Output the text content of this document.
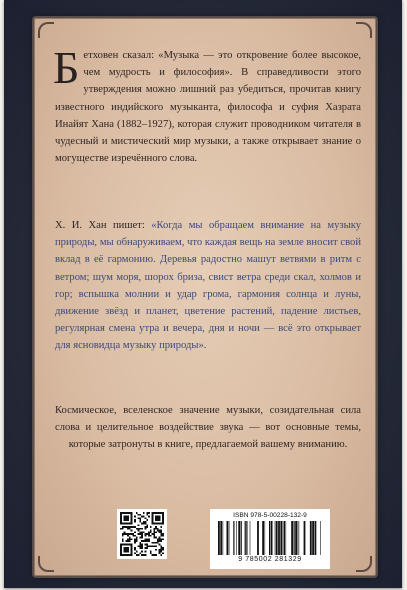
Бетховен сказал: «Музыка — это откровение более высокое, чем мудрость и философия». В справедливости этого утверждения можно лишний раз убедиться, прочитав книгу известного индийского музыканта, философа и суфия Хазрата Инайят Хана (1882–1927), которая служит проводником читателя в чудесный и мистический мир музыки, а также открывает знание о могуществе изречённого слова.
Х. И. Хан пишет: «Когда мы обращаем внимание на музыку природы, мы обнаруживаем, что каждая вещь на земле вносит свой вклад в её гармонию. Деревья радостно машут ветвями в ритм с ветром; шум моря, шорох бриза, свист ветра среди скал, холмов и гор; вспышка молнии и удар грома, гармония солнца и луны, движение звёзд и планет, цветение растений, падение листьев, регулярная смена утра и вечера, дня и ночи — всё это открывает для ясновидца музыку природы».
Космическое, вселенское значение музыки, созидательная сила слова и целительное воздействие звука — вот основные темы, которые затронуты в книге, предлагаемой вашему вниманию.
ISBN 978-5-00228-132-9
9 785002 281329
